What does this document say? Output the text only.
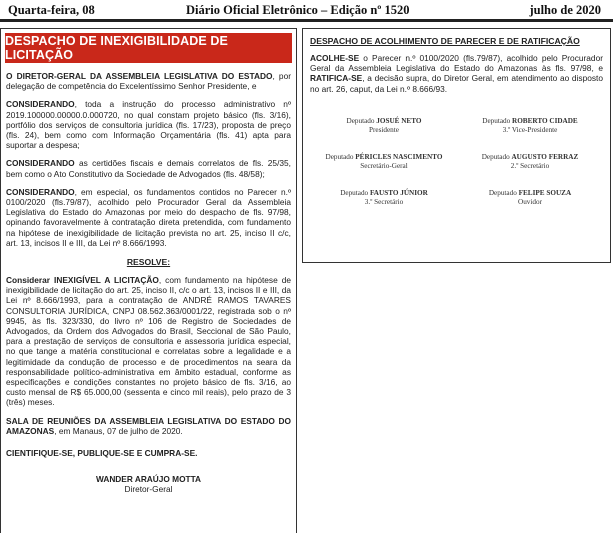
Quarta-feira, 08	Diário Oficial Eletrônico – Edição nº 1520	julho de 2020
DESPACHO DE INEXIGIBILIDADE DE LICITAÇÃO

O DIRETOR-GERAL DA ASSEMBLEIA LEGISLATIVA DO ESTADO, por delegação de competência do Excelentíssimo Senhor Presidente, e

CONSIDERANDO, toda a instrução do processo administrativo nº 2019.100000.00000.0.000720, no qual constam projeto básico (fls. 3/16), portfólio dos serviços de consultoria jurídica (fls. 17/23), proposta de preço (fls. 24), bem como com Informação Orçamentária (fls. 41) apta para suportar a despesa;

CONSIDERANDO as certidões fiscais e demais correlatos de fls. 25/35, bem como o Ato Constitutivo da Sociedade de Advogados (fls. 48/58);

CONSIDERANDO, em especial, os fundamentos contidos no Parecer n.º 0100/2020 (fls.79/87), acolhido pelo Procurador Geral da Assembleia Legislativa do Estado do Amazonas por meio do despacho de fls. 97/98, opinando favoravelmente à contratação direta pretendida, com fundamento na hipótese de inexigibilidade de licitação prevista no art. 25, inciso II c/c, art. 13, incisos II e III, da Lei nº 8.666/1993.

RESOLVE:

Considerar INEXIGÍVEL A LICITAÇÃO, com fundamento na hipótese de inexigibilidade de licitação do art. 25, inciso II, c/c o art. 13, incisos II e III, da Lei nº 8.666/1993, para a contratação de ANDRÉ RAMOS TAVARES CONSULTORIA JURÍDICA, CNPJ 08.562.363/0001/22, registrada sob o nº 9945, às fls. 323/330, do livro nº 106 de Registro de Sociedades de Advogados, da Ordem dos Advogados do Brasil, Seccional de São Paulo, para a prestação de serviços de consultoria e assessoria jurídica especial, no que tange a matéria constitucional e correlatas sobre a legalidade e a legitimidade da condução de processo e de procedimentos na seara da responsabilidade político-administrativa em âmbito estadual, conforme as especificações e condições constantes no projeto básico de fls. 3/16, ao custo mensal de R$ 65.000,00 (sessenta e cinco mil reais), pelo prazo de 3 (três) meses.

SALA DE REUNIÕES DA ASSEMBLEIA LEGISLATIVA DO ESTADO DO AMAZONAS, em Manaus, 07 de julho de 2020.

CIENTIFIQUE-SE, PUBLIQUE-SE E CUMPRA-SE.
WANDER ARAÚJO MOTTA
Diretor-Geral
DESPACHO DE ACOLHIMENTO DE PARECER E DE RATIFICAÇÃO

ACOLHE-SE o Parecer n.º 0100/2020 (fls.79/87), acolhido pelo Procurador Geral da Assembleia Legislativa do Estado do Amazonas às fls. 97/98, e RATIFICA-SE, a decisão supra, do Diretor Geral, em atendimento ao disposto no art. 26, caput, da Lei n.º 8.666/93.

Deputado JOSUÉ NETO
Presidente
Deputado ROBERTO CIDADE
3.º Vice-Presidente
Deputado PÉRICLES NASCIMENTO
Secretário-Geral
Deputado AUGUSTO FERRAZ
2.º Secretário
Deputado FAUSTO JÚNIOR
3.º Secretário
Deputado FELIPE SOUZA
Ouvidor
